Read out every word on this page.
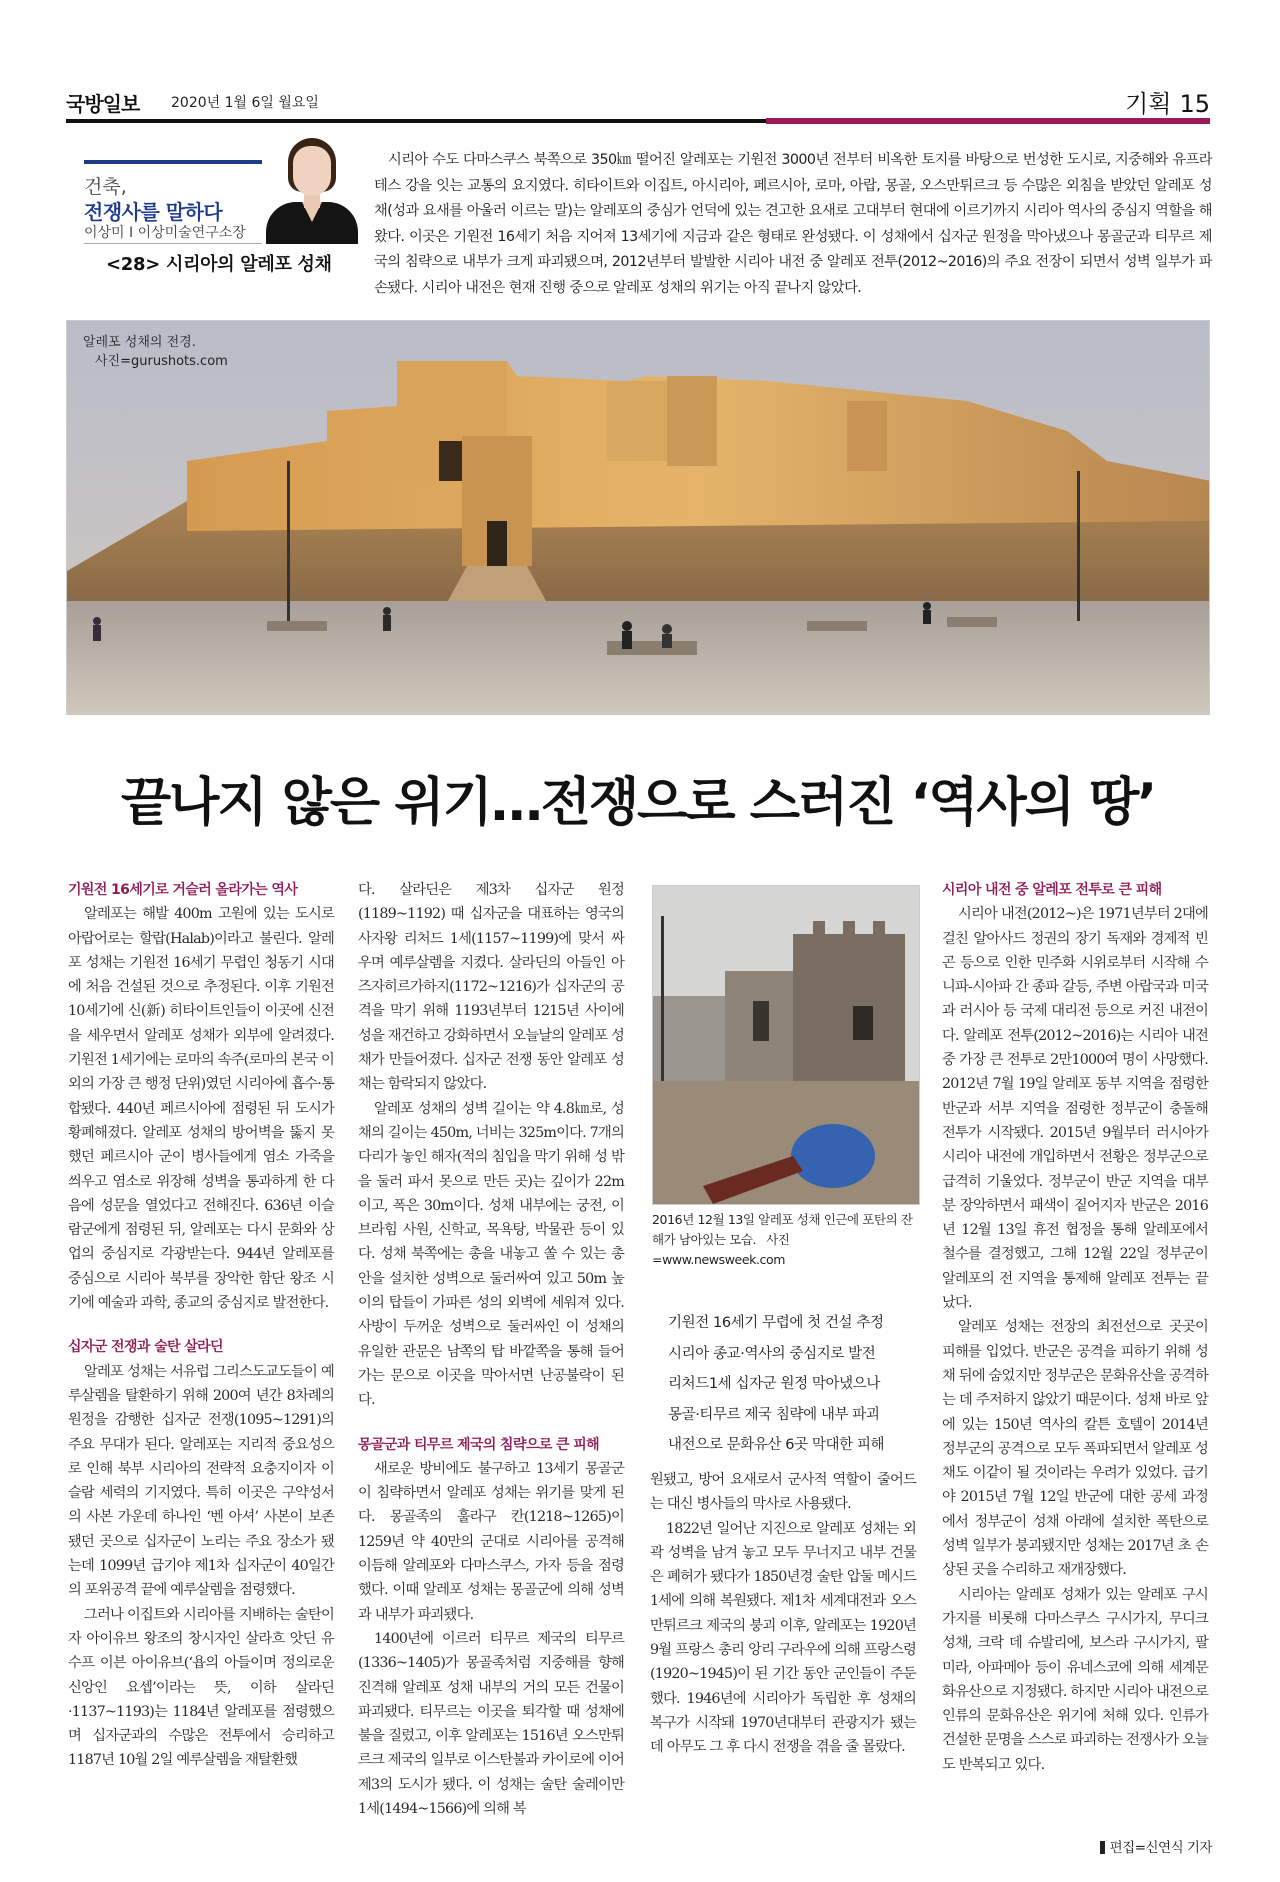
국방일보 2020년 1월 6일 월요일	기획 15
건축,
전쟁사를 말하다
이상미 I 이상미술연구소장
<28> 시리아의 알레포 성채

시리아 수도 다마스쿠스 북쪽으로 350㎞ 떨어진 알레포는 기원전 3000년 전부터 비옥한 토지를 바탕으로 번성한 도시로, 지중해와 유프라테스 강을 잇는 교통의 요지였다. 히타이트와 이집트, 아시리아, 페르시아, 로마, 아랍, 몽골, 오스만튀르크 등 수많은 외침을 받았던 알레포 성채(성과 요새를 아울러 이르는 말)는 알레포의 중심가 언덕에 있는 견고한 요새로 고대부터 현대에 이르기까지 시리아 역사의 중심지 역할을 해왔다. 이곳은 기원전 16세기 처음 지어져 13세기에 지금과 같은 형태로 완성됐다. 이 성채에서 십자군 원정을 막아냈으나 몽골군과 티무르 제국의 침략으로 내부가 크게 파괴됐으며, 2012년부터 발발한 시리아 내전 중 알레포 전투(2012~2016)의 주요 전장이 되면서 성벽 일부가 파손됐다. 시리아 내전은 현재 진행 중으로 알레포 성채의 위기는 아직 끝나지 않았다.

알레포 성채의 전경.
사진=gurushots.com
끝나지 않은 위기…전쟁으로 스러진 ‘역사의 땅’
기원전 16세기로 거슬러 올라가는 역사

알레포는 해발 400m 고원에 있는 도시로 아랍어로는 할랍(Halab)이라고 불린다. 알레포 성채는 기원전 16세기 무렵인 청동기 시대에 처음 건설된 것으로 추정된다. 이후 기원전 10세기에 신(新) 히타이트인들이 이곳에 신전을 세우면서 알레포 성채가 외부에 알려졌다. 기원전 1세기에는 로마의 속주(로마의 본국 이외의 가장 큰 행정 단위)였던 시리아에 흡수·통합됐다. 440년 페르시아에 점령된 뒤 도시가 황폐해졌다. 알레포 성채의 방어벽을 뚫지 못했던 페르시아 군이 병사들에게 염소 가죽을 씌우고 염소로 위장해 성벽을 통과하게 한 다음에 성문을 열었다고 전해진다. 636년 이슬람군에게 점령된 뒤, 알레포는 다시 문화와 상업의 중심지로 각광받는다. 944년 알레포를 중심으로 시리아 북부를 장악한 함단 왕조 시기에 예술과 과학, 종교의 중심지로 발전한다.

십자군 전쟁과 술탄 살라딘

알레포 성채는 서유럽 그리스도교도들이 예루살렘을 탈환하기 위해 200여 년간 8차례의 원정을 감행한 십자군 전쟁(1095~1291)의 주요 무대가 된다. 알레포는 지리적 중요성으로 인해 북부 시리아의 전략적 요충지이자 이슬람 세력의 기지였다. 특히 이곳은 구약성서의 사본 가운데 하나인 ‘벤 아셔’ 사본이 보존됐던 곳으로 십자군이 노리는 주요 장소가 됐는데 1099년 급기야 제1차 십자군이 40일간의 포위공격 끝에 예루살렘을 점령했다.

그러나 이집트와 시리아를 지배하는 술탄이자 아이유브 왕조의 창시자인 살라흐 앗딘 유수프 이븐 아이유브(‘욥의 아들이며 정의로운 신앙인 요셉’이라는 뜻, 이하 살라딘·1137~1193)는 1184년 알레포를 점령했으며 십자군과의 수많은 전투에서 승리하고 1187년 10월 2일 예루살렘을 재탈환했

다. 살라딘은 제3차 십자군 원정(1189~1192) 때 십자군을 대표하는 영국의 사자왕 리처드 1세(1157~1199)에 맞서 싸우며 예루살렘을 지켰다. 살라딘의 아들인 아즈자히르가하지(1172~1216)가 십자군의 공격을 막기 위해 1193년부터 1215년 사이에 성을 재건하고 강화하면서 오늘날의 알레포 성채가 만들어졌다. 십자군 전쟁 동안 알레포 성채는 함락되지 않았다.

알레포 성채의 성벽 길이는 약 4.8㎞로, 성채의 길이는 450m, 너비는 325m이다. 7개의 다리가 놓인 해자(적의 침입을 막기 위해 성 밖을 둘러 파서 못으로 만든 곳)는 깊이가 22m이고, 폭은 30m이다. 성채 내부에는 궁전, 이브라힘 사원, 신학교, 목욕탕, 박물관 등이 있다. 성채 북쪽에는 총을 내놓고 쏠 수 있는 총안을 설치한 성벽으로 둘러싸여 있고 50m 높이의 탑들이 가파른 성의 외벽에 세워져 있다. 사방이 두꺼운 성벽으로 둘러싸인 이 성채의 유일한 관문은 남쪽의 탑 바깥쪽을 통해 들어가는 문으로 이곳을 막아서면 난공불락이 된다.

몽골군과 티무르 제국의 침략으로 큰 피해

새로운 방비에도 불구하고 13세기 몽골군이 침략하면서 알레포 성채는 위기를 맞게 된다. 몽골족의 훌라구 칸(1218~1265)이 1259년 약 40만의 군대로 시리아를 공격해 이듬해 알레포와 다마스쿠스, 가자 등을 점령했다. 이때 알레포 성채는 몽골군에 의해 성벽과 내부가 파괴됐다.

1400년에 이르러 티무르 제국의 티무르(1336~1405)가 몽골족처럼 지중해를 향해 진격해 알레포 성채 내부의 거의 모든 건물이 파괴됐다. 티무르는 이곳을 퇴각할 때 성채에 불을 질렀고, 이후 알레포는 1516년 오스만튀르크 제국의 일부로 이스탄불과 카이로에 이어 제3의 도시가 됐다. 이 성채는 술탄 술레이만 1세(1494~1566)에 의해 복

2016년 12월 13일 알레포 성채 인근에 포탄의 잔해가 남아있는 모습. 사진=www.newsweek.com
기원전 16세기 무렵에 첫 건설 추정
시리아 종교·역사의 중심지로 발전
리처드1세 십자군 원정 막아냈으나
몽골·티무르 제국 침략에 내부 파괴
내전으로 문화유산 6곳 막대한 피해

원됐고, 방어 요새로서 군사적 역할이 줄어드는 대신 병사들의 막사로 사용됐다.

1822년 일어난 지진으로 알레포 성채는 외곽 성벽을 남겨 놓고 모두 무너지고 내부 건물은 폐허가 됐다가 1850년경 술탄 압둘 메시드 1세에 의해 복원됐다. 제1차 세계대전과 오스만튀르크 제국의 붕괴 이후, 알레포는 1920년 9월 프랑스 총리 앙리 구라우에 의해 프랑스령(1920~1945)이 된 기간 동안 군인들이 주둔했다. 1946년에 시리아가 독립한 후 성채의 복구가 시작돼 1970년대부터 관광지가 됐는데 아무도 그 후 다시 전쟁을 겪을 줄 몰랐다.

시리아 내전 중 알레포 전투로 큰 피해

시리아 내전(2012~)은 1971년부터 2대에 걸친 알아사드 정권의 장기 독재와 경제적 빈곤 등으로 인한 민주화 시위로부터 시작해 수니파-시아파 간 종파 갈등, 주변 아랍국과 미국과 러시아 등 국제 대리전 등으로 커진 내전이다. 알레포 전투(2012~2016)는 시리아 내전 중 가장 큰 전투로 2만1000여 명이 사망했다. 2012년 7월 19일 알레포 동부 지역을 점령한 반군과 서부 지역을 점령한 정부군이 충돌해 전투가 시작됐다. 2015년 9월부터 러시아가 시리아 내전에 개입하면서 전황은 정부군으로 급격히 기울었다. 정부군이 반군 지역을 대부분 장악하면서 패색이 짙어지자 반군은 2016년 12월 13일 휴전 협정을 통해 알레포에서 철수를 결정했고, 그해 12월 22일 정부군이 알레포의 전 지역을 통제해 알레포 전투는 끝났다.

알레포 성채는 전장의 최전선으로 곳곳이 피해를 입었다. 반군은 공격을 피하기 위해 성채 뒤에 숨었지만 정부군은 문화유산을 공격하는 데 주저하지 않았기 때문이다. 성채 바로 앞에 있는 150년 역사의 칼튼 호텔이 2014년 정부군의 공격으로 모두 폭파되면서 알레포 성채도 이같이 될 것이라는 우려가 있었다. 급기야 2015년 7월 12일 반군에 대한 공세 과정에서 정부군이 성채 아래에 설치한 폭탄으로 성벽 일부가 붕괴됐지만 성채는 2017년 초 손상된 곳을 수리하고 재개장했다.

시리아는 알레포 성채가 있는 알레포 구시가지를 비롯해 다마스쿠스 구시가지, 무디크 성채, 크락 데 슈발리에, 보스라 구시가지, 팔미라, 아파메아 등이 유네스코에 의해 세계문화유산으로 지정됐다. 하지만 시리아 내전으로 인류의 문화유산은 위기에 처해 있다. 인류가 건설한 문명을 스스로 파괴하는 전쟁사가 오늘도 반복되고 있다.

편집=신연식 기자
